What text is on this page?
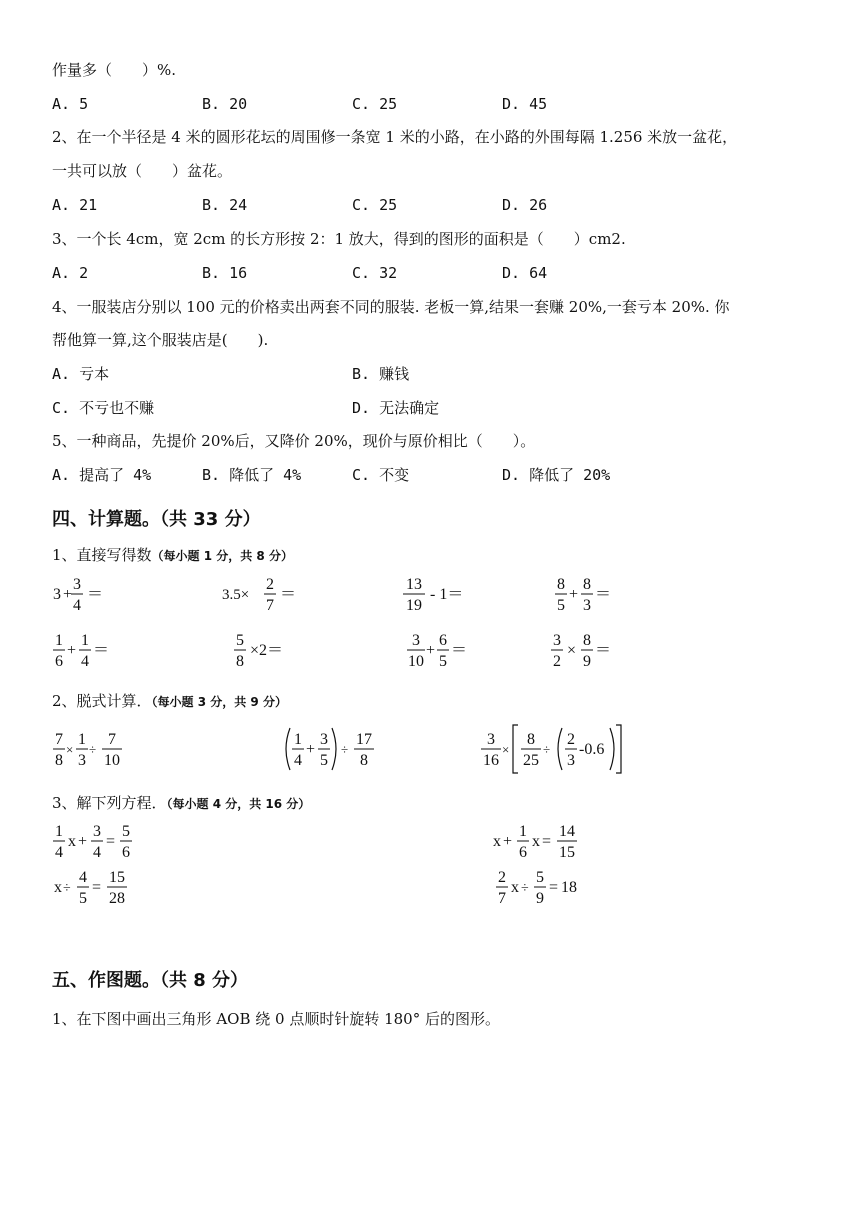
作量多（　　）%.
A. 5	B. 20	C. 25	D. 45
2、在一个半径是 4 米的圆形花坛的周围修一条宽 1 米的小路，在小路的外围每隔 1.256 米放一盆花，
一共可以放（　　）盆花。
A. 21	B. 24	C. 25	D. 26
3、一个长 4cm，宽 2cm 的长方形按 2：1 放大，得到的图形的面积是（　　）cm2.
A. 2	B. 16	C. 32	D. 64
4、一服装店分别以 100 元的价格卖出两套不同的服装. 老板一算,结果一套赚 20%,一套亏本 20%. 你
帮他算一算,这个服装店是(　　).
A. 亏本	B. 赚钱
C. 不亏也不赚	D. 无法确定
5、一种商品，先提价 20%后，又降价 20%，现价与原价相比（　　）。
A. 提高了 4%	B. 降低了 4%	C. 不变	D. 降低了 20%
四、计算题。（共 33 分）
1、直接写得数（每小题 1 分，共 8 分）
3 +
3
4
＝	3.5×
2
7
＝
13
19
- 1＝
8
5
+
8
3
＝
1
6
+
1
4
＝
5
8
×2＝
3
10
+
6
5
＝
3
2
×
8
9
＝
2、脱式计算．（每小题 3 分，共 9 分）
7
8
×
1
3
÷
7
10
1
4
+
3
5
÷
17
8
3
16
×
8
25
÷
2
3
-0.6
3、解下列方程．（每小题 4 分，共 16 分）
1
4
x +
3
4
=
5
6
x +
1
6
x =
14
15
x ÷
4
5
=
15
28
2
7
x ÷
5
9
= 18
五、作图题。（共 8 分）
1、在下图中画出三角形 AOB 绕 0 点顺时针旋转 180° 后的图形。
